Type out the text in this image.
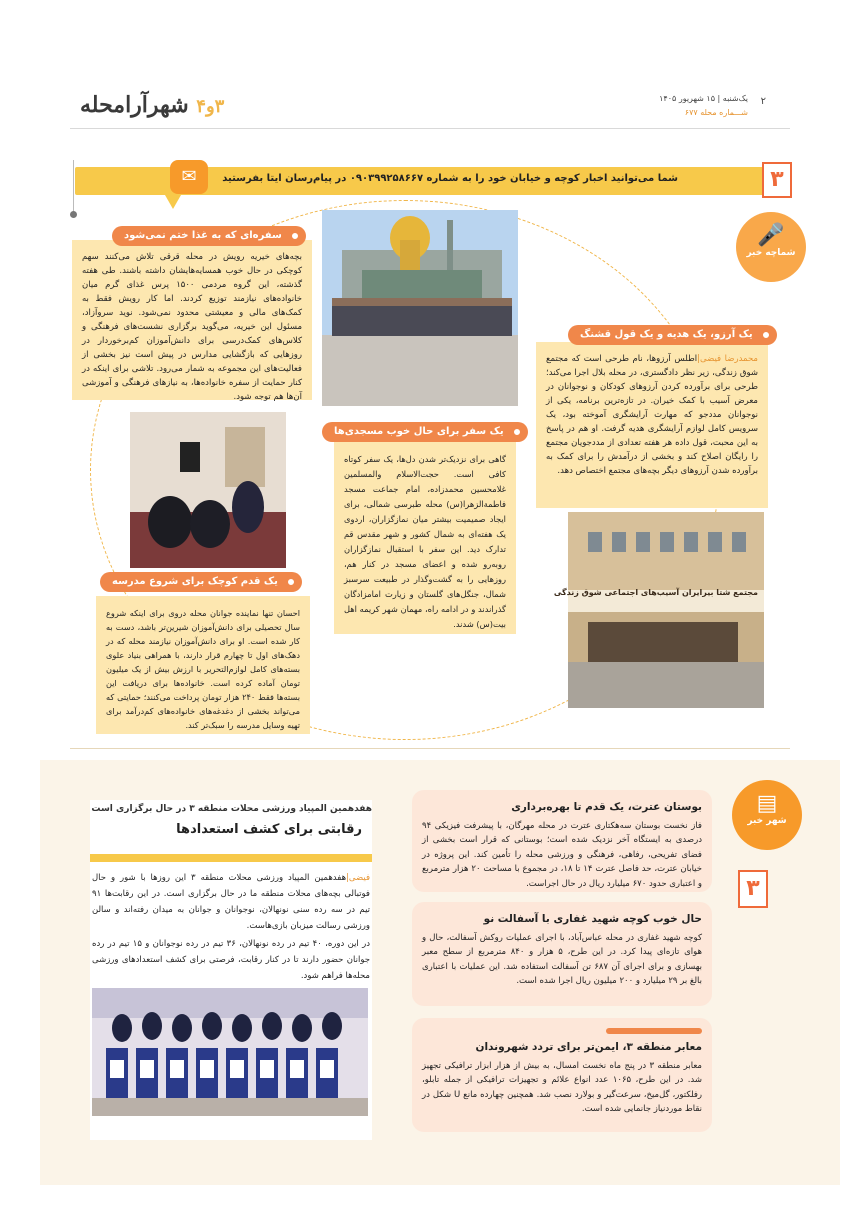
۳و۴ شهرآرامحله	یک‌شنبه | ۱۵ شهریور ۱۴۰۵
شـــماره محله ۶۷۷
۲
شما می‌توانید اخبار کوچه و خیابان خود را به شماره ۰۹۰۳۹۹۲۵۸۶۶۷ در پیام‌رسان ایتا بفرستید	۳
✉
🎤
شماچه خبر
بچه‌های خیریه رویش در محله قرقی تلاش می‌کنند سهم کوچکی در حال خوب همسایه‌هایشان داشته باشند. طی هفته گذشته، این گروه مردمی ۱۵۰۰ پرس غذای گرم میان خانواده‌های نیازمند توزیع کردند. اما کار رویش فقط به کمک‌های مالی و معیشتی محدود نمی‌شود. نوید سروآزاد، مسئول این خیریه، می‌گوید برگزاری نشست‌های فرهنگی و کلاس‌های کمک‌درسی برای دانش‌آموزان کم‌برخوردار در روزهایی که بازگشایی مدارس در پیش است نیز بخشی از فعالیت‌های این مجموعه به شمار می‌رود. تلاشی برای اینکه در کنار حمایت از سفره خانواده‌ها، به نیازهای فرهنگی و آموزشی آن‌ها هم توجه شود.
سفره‌ای که به غذا ختم نمی‌شود
محمدرضا فیضی|اطلس آرزوها، نام طرحی است که مجتمع شوق زندگی، زیر نظر دادگستری، در محله بلال اجرا می‌کند؛ طرحی برای برآورده کردن آرزوهای کودکان و نوجوانان در معرض آسیب با کمک خیران. در تازه‌ترین برنامه، یکی از نوجوانان مددجو که مهارت آرایشگری آموخته بود، یک سرویس کامل لوازم آرایشگری هدیه گرفت. او هم در پاسخ به این محبت، قول داده هر هفته تعدادی از مددجویان مجتمع را رایگان اصلاح کند و بخشی از درآمدش را برای کمک به برآورده شدن آرزوهای دیگر بچه‌های مجتمع اختصاص دهد.
یک آرزو، یک هدیه و یک قول قشنگ
گاهی برای نزدیک‌تر شدن دل‌ها، یک سفر کوتاه کافی است. حجت‌الاسلام والمسلمین غلامحسین محمدزاده، امام جماعت مسجد فاطمة‌الزهرا(س) محله طبرسی شمالی، برای ایجاد صمیمیت بیشتر میان نمازگزاران، اردوی یک هفته‌ای به شمال کشور و شهر مقدس قم تدارک دید. این سفر با استقبال نمازگزاران روبه‌رو شده و اعضای مسجد در کنار هم، روزهایی را به گشت‌وگذار در طبیعت سرسبز شمال، جنگل‌های گلستان و زیارت امامزادگان گذراندند و در ادامه راه، مهمان شهر کریمه اهل بیت(س) شدند.
یک سفر برای حال خوب مسجدی‌ها
مجتمع شتا بیرایران آسیب‌های اجتماعی شوق زندگی
احسان تنها نماینده جوانان محله دروی برای اینکه شروع سال تحصیلی برای دانش‌آموزان شیرین‌تر باشد، دست به کار شده است. او برای دانش‌آموزان نیازمند محله که در دهک‌های اول تا چهارم قرار دارند، با همراهی بنیاد علوی بسته‌های کامل لوازم‌التحریر با ارزش بیش از یک میلیون تومان آماده کرده است. خانواده‌ها برای دریافت این بسته‌ها فقط ۲۴۰ هزار تومان پرداخت می‌کنند؛ حمایتی که می‌تواند بخشی از دغدغه‌های خانواده‌های کم‌درآمد برای تهیه وسایل مدرسه را سبک‌تر کند.
یک قدم کوچک برای شروع مدرسه
▤
شهر خبر
۳
هفدهمین المپیاد ورزشی محلات منطقه ۳ در حال برگزاری است
رقابتی برای کشف استعدادها

فیضی|هفدهمین المپیاد ورزشی محلات منطقه ۳ این روزها با شور و حال فوتبالی بچه‌های محلات منطقه ما در حال برگزاری است. در این رقابت‌ها ۹۱ تیم در سه رده سنی نونهالان، نوجوانان و جوانان به میدان رفته‌اند و سالن ورزشی رسالت میزبان بازی‌هاست.

در این دوره، ۴۰ تیم در رده نونهالان، ۳۶ تیم در رده نوجوانان و ۱۵ تیم در رده جوانان حضور دارند تا در کنار رقابت، فرصتی برای کشف استعدادهای ورزشی محله‌ها فراهم شود.

بوستان عترت، یک قدم تا بهره‌برداری
فاز نخست بوستان سه‌هکتاری عترت در محله مهرگان، با پیشرفت فیزیکی ۹۴ درصدی به ایستگاه آخر نزدیک شده است؛ بوستانی که قرار است بخشی از فضای تفریحی، رفاهی، فرهنگی و ورزشی محله را تأمین کند. این پروژه در خیابان عترت، حد فاصل عترت ۱۴ تا ۱۸، در مجموع با مساحت ۲۰ هزار مترمربع و اعتباری حدود ۶۷۰ میلیارد ریال در حال اجراست.
حال خوب کوچه شهید غفاری با آسفالت نو
کوچه شهید غفاری در محله عباس‌آباد، با اجرای عملیات روکش آسفالت، حال و هوای تازه‌ای پیدا کرد. در این طرح، ۵ هزار و ۸۴۰ مترمربع از سطح معبر بهسازی و برای اجرای آن ۶۸۷ تن آسفالت استفاده شد. این عملیات با اعتباری بالغ بر ۲۹ میلیارد و ۲۰۰ میلیون ریال اجرا شده است.
معابر منطقه ۳، ایمن‌تر برای تردد شهروندان
معابر منطقه ۳ در پنج ماه نخست امسال، به بیش از هزار ابزار ترافیکی تجهیز شد. در این طرح، ۱۰۶۵ عدد انواع علائم و تجهیزات ترافیکی از جمله تابلو، رفلکتور، گل‌میخ، سرعت‌گیر و بولارد نصب شد. همچنین چهارده مانع U شکل در نقاط موردنیاز جانمایی شده است.
